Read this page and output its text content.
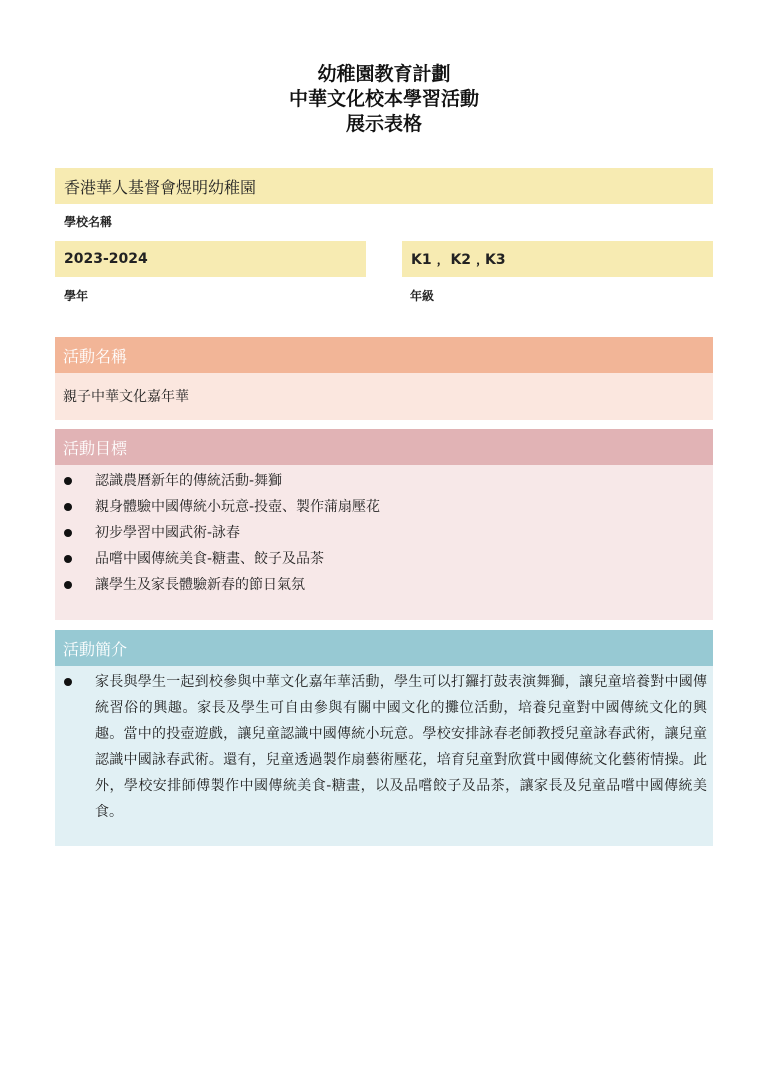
幼稚園教育計劃
中華文化校本學習活動
展示表格
香港華人基督會煜明幼稚園
學校名稱
2023-2024
學年
K1﹐ K2﹐K3
年級
活動名稱
親子中華文化嘉年華
活動目標
認識農曆新年的傳統活動-舞獅
親身體驗中國傳統小玩意-投壺、製作蒲扇壓花
初步學習中國武術-詠春
品嚐中國傳統美食-糖畫、餃子及品茶
讓學生及家長體驗新春的節日氣氛
活動簡介
家長與學生一起到校參與中華文化嘉年華活動，學生可以打鑼打鼓表演舞獅，讓兒童培養對中國傳統習俗的興趣。家長及學生可自由參與有關中國文化的攤位活動，培養兒童對中國傳統文化的興趣。當中的投壺遊戲，讓兒童認識中國傳統小玩意。學校安排詠春老師教授兒童詠春武術，讓兒童認識中國詠春武術。還有，兒童透過製作扇藝術壓花，培育兒童對欣賞中國傳統文化藝術情操。此外，學校安排師傅製作中國傳統美食-糖畫，以及品嚐餃子及品茶，讓家長及兒童品嚐中國傳統美食。
